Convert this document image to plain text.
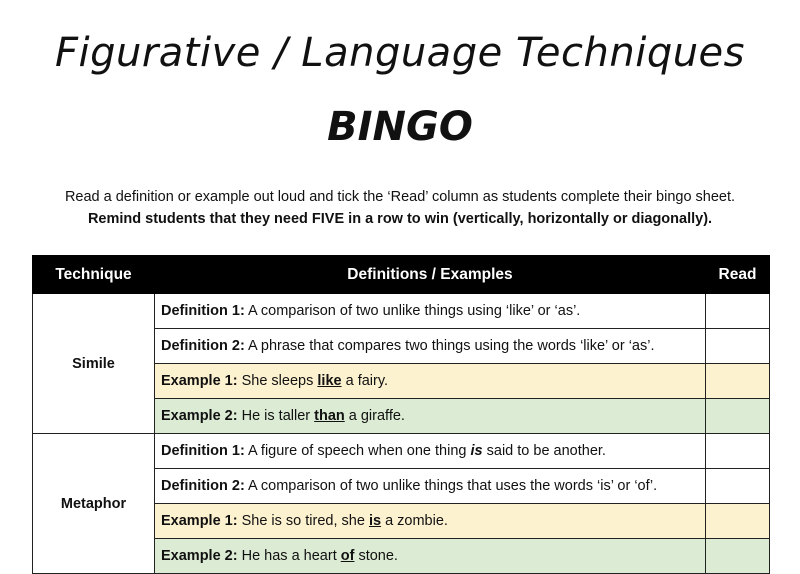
Figurative / Language Techniques
BINGO
Read a definition or example out loud and tick the ‘Read’ column as students complete their bingo sheet.
Remind students that they need FIVE in a row to win (vertically, horizontally or diagonally).
Technique	Definitions / Examples	Read
Simile	Definition 1: A comparison of two unlike things using ‘like’ or ‘as’.	
	Definition 2: A phrase that compares two things using the words ‘like’ or ‘as’.	
	Example 1: She sleeps like a fairy.	
	Example 2: He is taller than a giraffe.	
Metaphor	Definition 1: A figure of speech when one thing is said to be another.	
	Definition 2: A comparison of two unlike things that uses the words ‘is’ or ‘of’.	
	Example 1: She is so tired, she is a zombie.	
	Example 2: He has a heart of stone.	
